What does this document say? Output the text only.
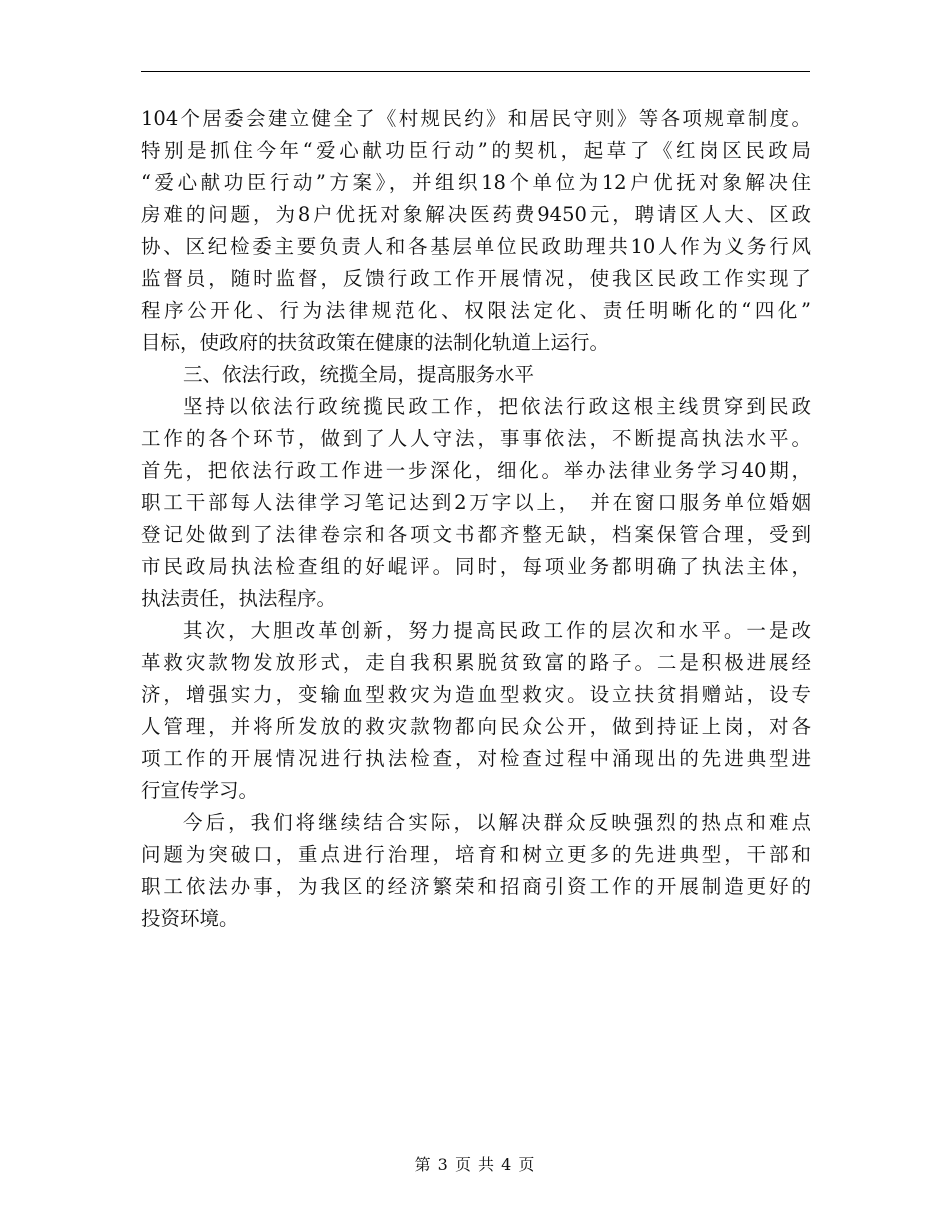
104个居委会建立健全了《村规民约》和居民守则》等各项规章制度。
特别是抓住今年“爱心献功臣行动”的契机，起草了《红岗区民政局
“爱心献功臣行动”方案》，并组织18个单位为12户优抚对象解决住
房难的问题，为8户优抚对象解决医药费9450元，聘请区人大、区政
协、区纪检委主要负责人和各基层单位民政助理共10人作为义务行风
监督员，随时监督，反馈行政工作开展情况，使我区民政工作实现了
程序公开化、行为法律规范化、权限法定化、责任明晰化的“四化”
目标，使政府的扶贫政策在健康的法制化轨道上运行。
三、依法行政，统揽全局，提高服务水平
坚持以依法行政统揽民政工作，把依法行政这根主线贯穿到民政
工作的各个环节，做到了人人守法，事事依法，不断提高执法水平。
首先，把依法行政工作进一步深化，细化。举办法律业务学习40期，
职工干部每人法律学习笔记达到2万字以上， 并在窗口服务单位婚姻
登记处做到了法律卷宗和各项文书都齐整无缺，档案保管合理，受到
市民政局执法检查组的好崐评。同时，每项业务都明确了执法主体，
执法责任，执法程序。
其次，大胆改革创新，努力提高民政工作的层次和水平。一是改
革救灾款物发放形式，走自我积累脱贫致富的路子。二是积极进展经
济，增强实力，变输血型救灾为造血型救灾。设立扶贫捐赠站，设专
人管理，并将所发放的救灾款物都向民众公开，做到持证上岗，对各
项工作的开展情况进行执法检查，对检查过程中涌现出的先进典型进
行宣传学习。
今后，我们将继续结合实际，以解决群众反映强烈的热点和难点
问题为突破口，重点进行治理，培育和树立更多的先进典型，干部和
职工依法办事，为我区的经济繁荣和招商引资工作的开展制造更好的
投资环境。
第 3 页 共 4 页
